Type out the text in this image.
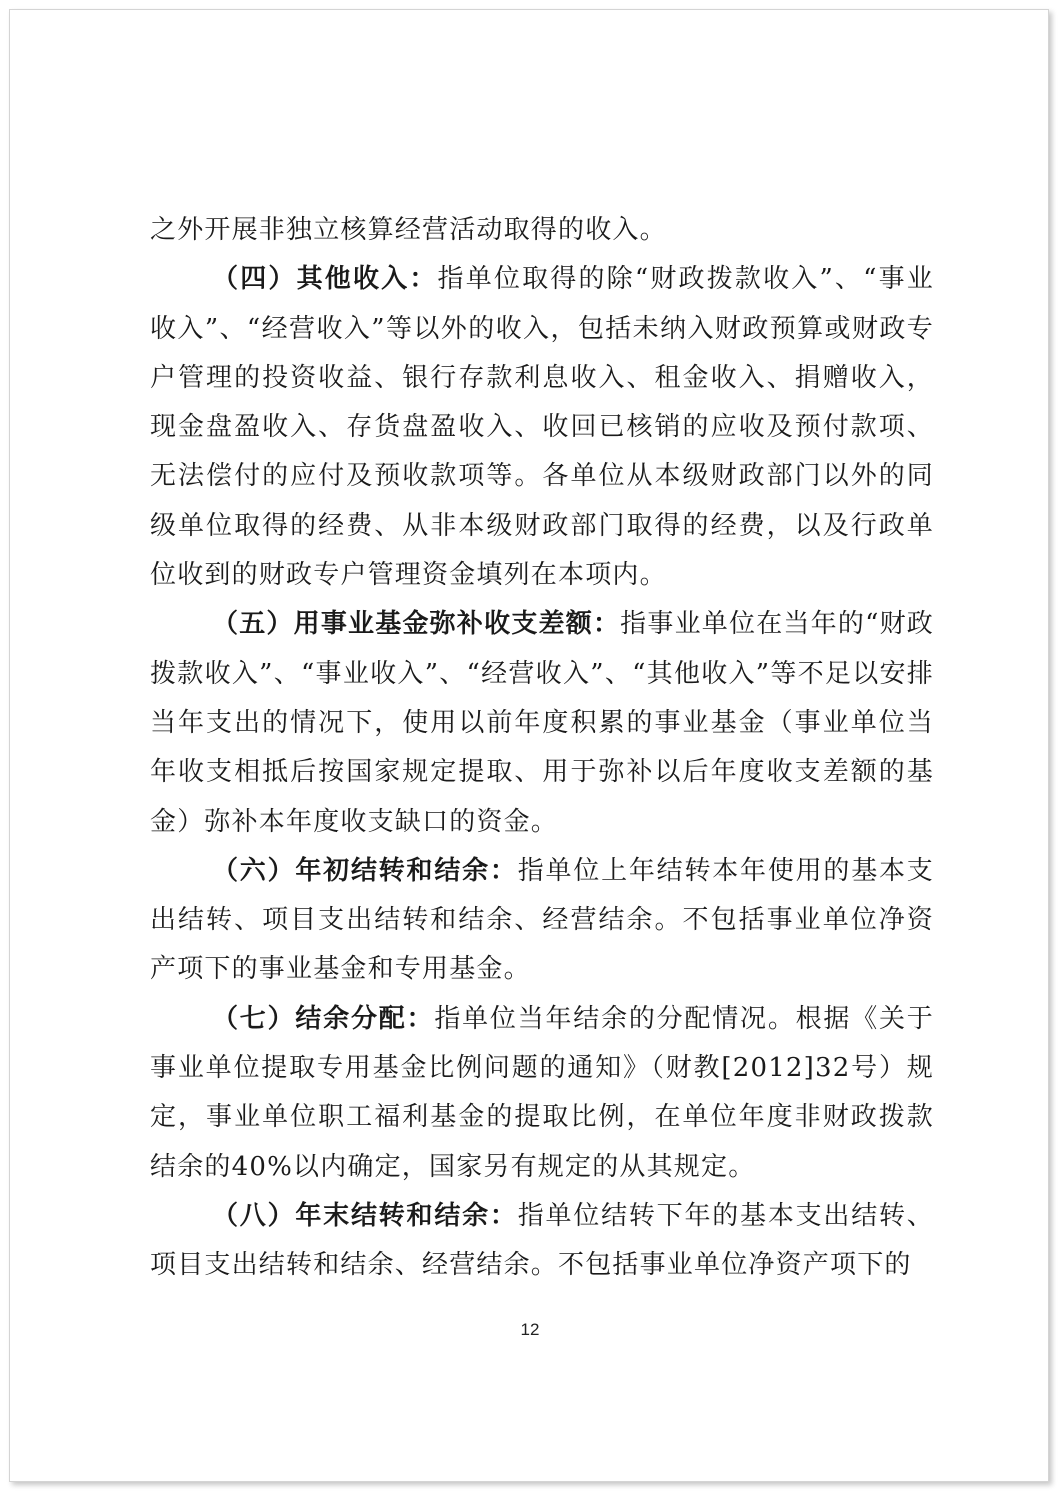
之外开展非独立核算经营活动取得的收入。

（四）其他收入：指单位取得的除“财政拨款收入”、“事业收入”、“经营收入”等以外的收入，包括未纳入财政预算或财政专户管理的投资收益、银行存款利息收入、租金收入、捐赠收入，现金盘盈收入、存货盘盈收入、收回已核销的应收及预付款项、无法偿付的应付及预收款项等。各单位从本级财政部门以外的同级单位取得的经费、从非本级财政部门取得的经费，以及行政单位收到的财政专户管理资金填列在本项内。

（五）用事业基金弥补收支差额：指事业单位在当年的“财政拨款收入”、“事业收入”、“经营收入”、“其他收入”等不足以安排当年支出的情况下，使用以前年度积累的事业基金（事业单位当年收支相抵后按国家规定提取、用于弥补以后年度收支差额的基金）弥补本年度收支缺口的资金。

（六）年初结转和结余：指单位上年结转本年使用的基本支出结转、项目支出结转和结余、经营结余。不包括事业单位净资产项下的事业基金和专用基金。

（七）结余分配：指单位当年结余的分配情况。根据《关于事业单位提取专用基金比例问题的通知》（财教[2012]32号）规定，事业单位职工福利基金的提取比例，在单位年度非财政拨款结余的40%以内确定，国家另有规定的从其规定。

（八）年末结转和结余：指单位结转下年的基本支出结转、项目支出结转和结余、经营结余。不包括事业单位净资产项下的

12
